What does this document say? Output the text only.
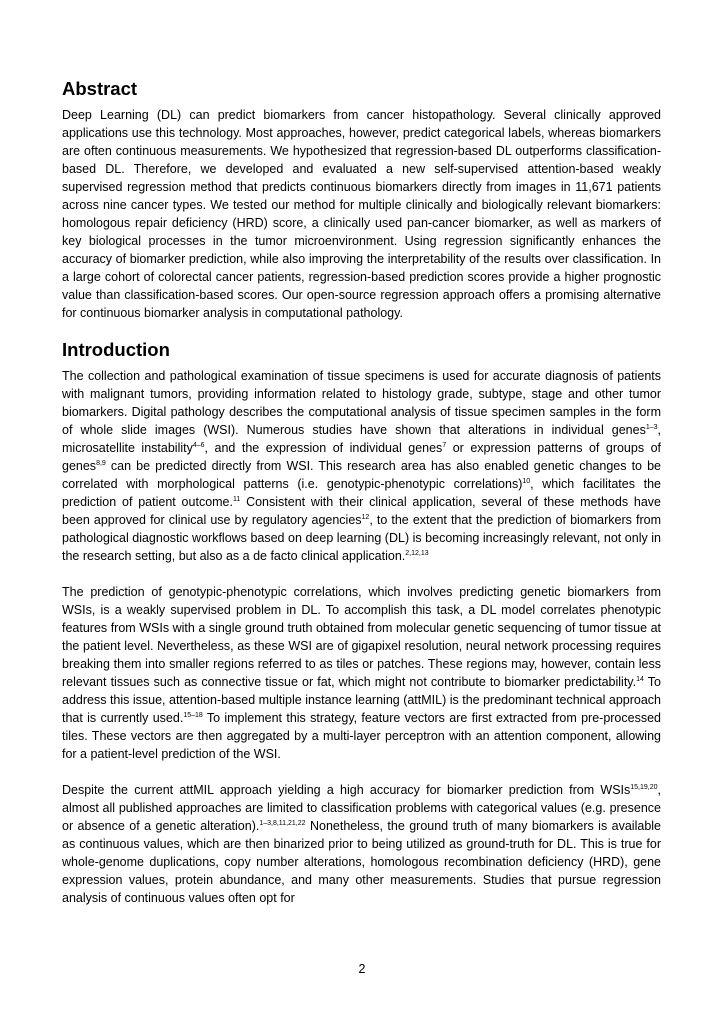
Abstract

Deep Learning (DL) can predict biomarkers from cancer histopathology. Several clinically approved applications use this technology. Most approaches, however, predict categorical labels, whereas biomarkers are often continuous measurements. We hypothesized that regression-based DL outperforms classification-based DL. Therefore, we developed and evaluated a new self-supervised attention-based weakly supervised regression method that predicts continuous biomarkers directly from images in 11,671 patients across nine cancer types. We tested our method for multiple clinically and biologically relevant biomarkers: homologous repair deficiency (HRD) score, a clinically used pan-cancer biomarker, as well as markers of key biological processes in the tumor microenvironment. Using regression significantly enhances the accuracy of biomarker prediction, while also improving the interpretability of the results over classification. In a large cohort of colorectal cancer patients, regression-based prediction scores provide a higher prognostic value than classification-based scores. Our open-source regression approach offers a promising alternative for continuous biomarker analysis in computational pathology.

Introduction

The collection and pathological examination of tissue specimens is used for accurate diagnosis of patients with malignant tumors, providing information related to histology grade, subtype, stage and other tumor biomarkers. Digital pathology describes the computational analysis of tissue specimen samples in the form of whole slide images (WSI). Numerous studies have shown that alterations in individual genes$^{1-3}$, microsatellite instability$^{4-6}$, and the expression of individual genes$^7$ or expression patterns of groups of genes$^{8,9}$ can be predicted directly from WSI. This research area has also enabled genetic changes to be correlated with morphological patterns (i.e. genotypic-phenotypic correlations)$^{10}$, which facilitates the prediction of patient outcome.$^{11}$ Consistent with their clinical application, several of these methods have been approved for clinical use by regulatory agencies$^{12}$, to the extent that the prediction of biomarkers from pathological diagnostic workflows based on deep learning (DL) is becoming increasingly relevant, not only in the research setting, but also as a de facto clinical application.$^{2,12,13}$

The prediction of genotypic-phenotypic correlations, which involves predicting genetic biomarkers from WSIs, is a weakly supervised problem in DL. To accomplish this task, a DL model correlates phenotypic features from WSIs with a single ground truth obtained from molecular genetic sequencing of tumor tissue at the patient level. Nevertheless, as these WSI are of gigapixel resolution, neural network processing requires breaking them into smaller regions referred to as tiles or patches. These regions may, however, contain less relevant tissues such as connective tissue or fat, which might not contribute to biomarker predictability.$^{14}$ To address this issue, attention-based multiple instance learning (attMIL) is the predominant technical approach that is currently used.$^{15-18}$ To implement this strategy, feature vectors are first extracted from pre-processed tiles. These vectors are then aggregated by a multi-layer perceptron with an attention component, allowing for a patient-level prediction of the WSI.

Despite the current attMIL approach yielding a high accuracy for biomarker prediction from WSIs$^{15,19,20}$, almost all published approaches are limited to classification problems with categorical values (e.g. presence or absence of a genetic alteration).$^{1-3,8,11,21,22}$ Nonetheless, the ground truth of many biomarkers is available as continuous values, which are then binarized prior to being utilized as ground-truth for DL. This is true for whole-genome duplications, copy number alterations, homologous recombination deficiency (HRD), gene expression values, protein abundance, and many other measurements. Studies that pursue regression analysis of continuous values often opt for

2
